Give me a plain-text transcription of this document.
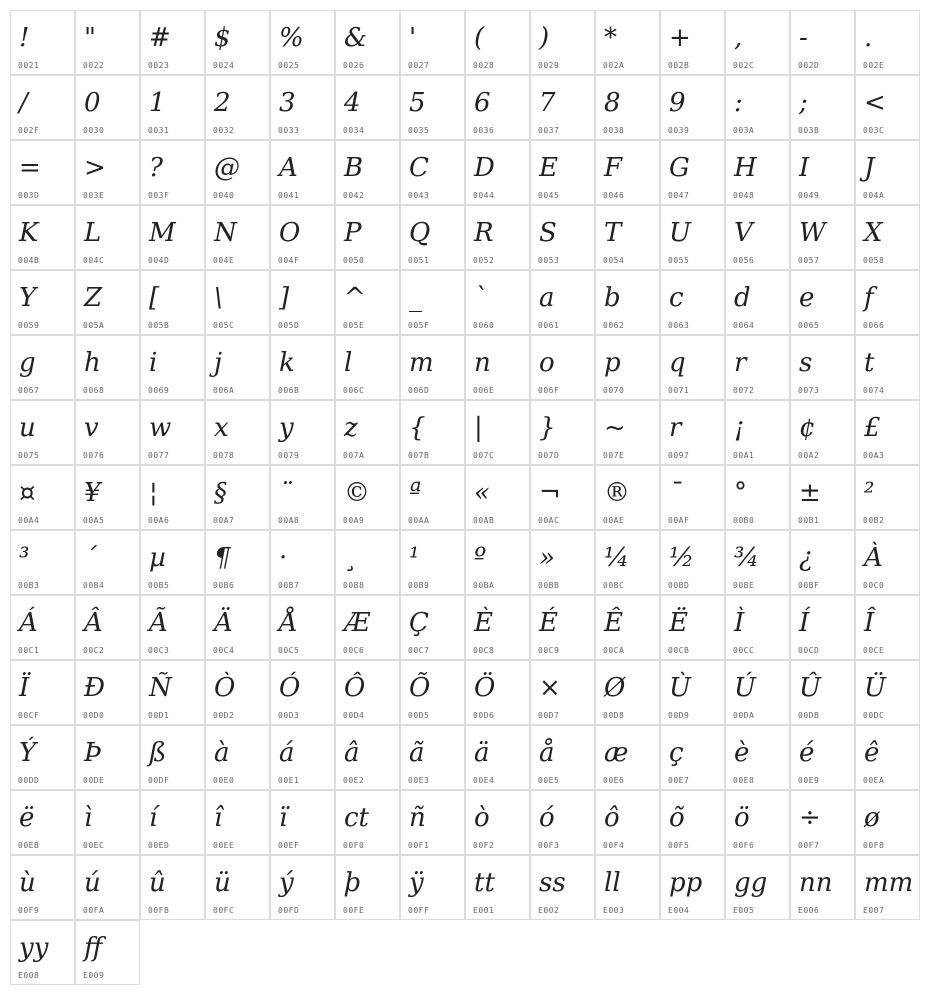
!
0021
"
0022
#
0023
$
0024
%
0025
&
0026
'
0027
(
0028
)
0029
*
002A
+
002B
,
002C
-
002D
.
002E
/
002F
0
0030
1
0031
2
0032
3
0033
4
0034
5
0035
6
0036
7
0037
8
0038
9
0039
:
003A
;
003B
<
003C
=
003D
>
003E
?
003F
@
0040
A
0041
B
0042
C
0043
D
0044
E
0045
F
0046
G
0047
H
0048
I
0049
J
004A
K
004B
L
004C
M
004D
N
004E
O
004F
P
0050
Q
0051
R
0052
S
0053
T
0054
U
0055
V
0056
W
0057
X
0058
Y
0059
Z
005A
[
005B
\
005C
]
005D
^
005E
_
005F
`
0060
a
0061
b
0062
c
0063
d
0064
e
0065
f
0066
g
0067
h
0068
i
0069
j
006A
k
006B
l
006C
m
006D
n
006E
o
006F
p
0070
q
0071
r
0072
s
0073
t
0074
u
0075
v
0076
w
0077
x
0078
y
0079
z
007A
{
007B
|
007C
}
007D
~
007E
r
0097
¡
00A1
¢
00A2
£
00A3
¤
00A4
¥
00A5
¦
00A6
§
00A7
¨
00A8
©
00A9
ª
00AA
«
00AB
¬
00AC
®
00AE
¯
00AF
°
00B0
±
00B1
²
00B2
³
00B3
´
00B4
µ
00B5
¶
00B6
·
00B7
¸
00B8
¹
00B9
º
00BA
»
00BB
¼
00BC
½
00BD
¾
00BE
¿
00BF
À
00C0
Á
00C1
Â
00C2
Ã
00C3
Ä
00C4
Å
00C5
Æ
00C6
Ç
00C7
È
00C8
É
00C9
Ê
00CA
Ë
00CB
Ì
00CC
Í
00CD
Î
00CE
Ï
00CF
Đ
00D0
Ñ
00D1
Ò
00D2
Ó
00D3
Ô
00D4
Õ
00D5
Ö
00D6
×
00D7
Ø
00D8
Ù
00D9
Ú
00DA
Û
00DB
Ü
00DC
Ý
00DD
Þ
00DE
ß
00DF
à
00E0
á
00E1
â
00E2
ã
00E3
ä
00E4
å
00E5
æ
00E6
ç
00E7
è
00E8
é
00E9
ê
00EA
ë
00EB
ì
00EC
í
00ED
î
00EE
ï
00EF
ct
00F0
ñ
00F1
ò
00F2
ó
00F3
ô
00F4
õ
00F5
ö
00F6
÷
00F7
ø
00F8
ù
00F9
ú
00FA
û
00FB
ü
00FC
ý
00FD
þ
00FE
ÿ
00FF
tt
E001
ss
E002
ll
E003
pp
E004
gg
E005
nn
E006
mm
E007
yy
E008
ff
E009
